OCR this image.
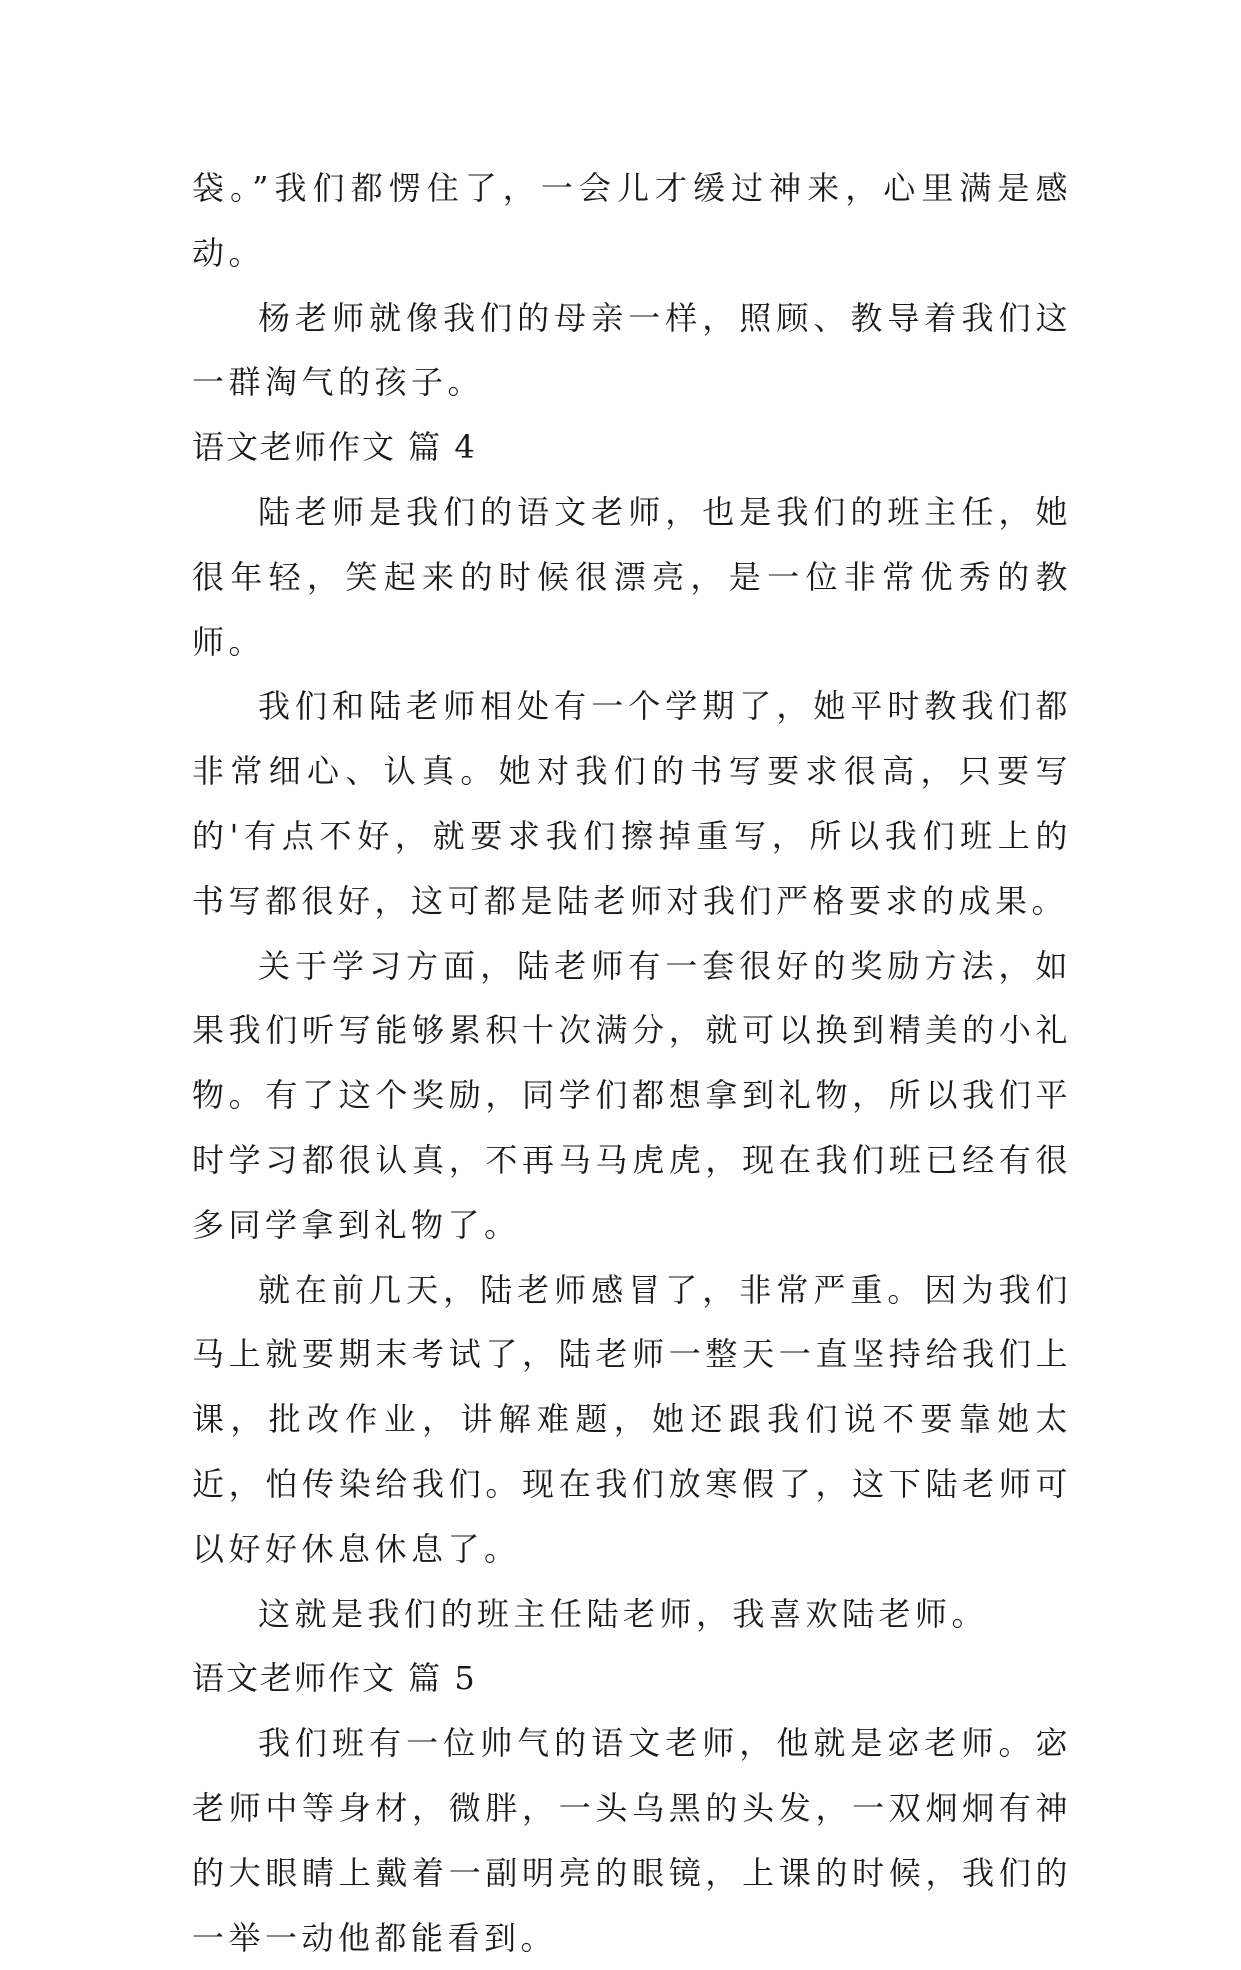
袋。”我们都愣住了，一会儿才缓过神来，心里满是感动。

杨老师就像我们的母亲一样，照顾、教导着我们这一群淘气的孩子。

语文老师作文 篇 4

陆老师是我们的语文老师，也是我们的班主任，她很年轻，笑起来的时候很漂亮，是一位非常优秀的教师。

我们和陆老师相处有一个学期了，她平时教我们都非常细心、认真。她对我们的书写要求很高，只要写的'有点不好，就要求我们擦掉重写，所以我们班上的书写都很好，这可都是陆老师对我们严格要求的成果。

关于学习方面，陆老师有一套很好的奖励方法，如果我们听写能够累积十次满分，就可以换到精美的小礼物。有了这个奖励，同学们都想拿到礼物，所以我们平时学习都很认真，不再马马虎虎，现在我们班已经有很多同学拿到礼物了。

就在前几天，陆老师感冒了，非常严重。因为我们马上就要期末考试了，陆老师一整天一直坚持给我们上课，批改作业，讲解难题，她还跟我们说不要靠她太近，怕传染给我们。现在我们放寒假了，这下陆老师可以好好休息休息了。

这就是我们的班主任陆老师，我喜欢陆老师。

语文老师作文 篇 5

我们班有一位帅气的语文老师，他就是宓老师。宓老师中等身材，微胖，一头乌黑的头发，一双炯炯有神的大眼睛上戴着一副明亮的眼镜，上课的时候，我们的一举一动他都能看到。
